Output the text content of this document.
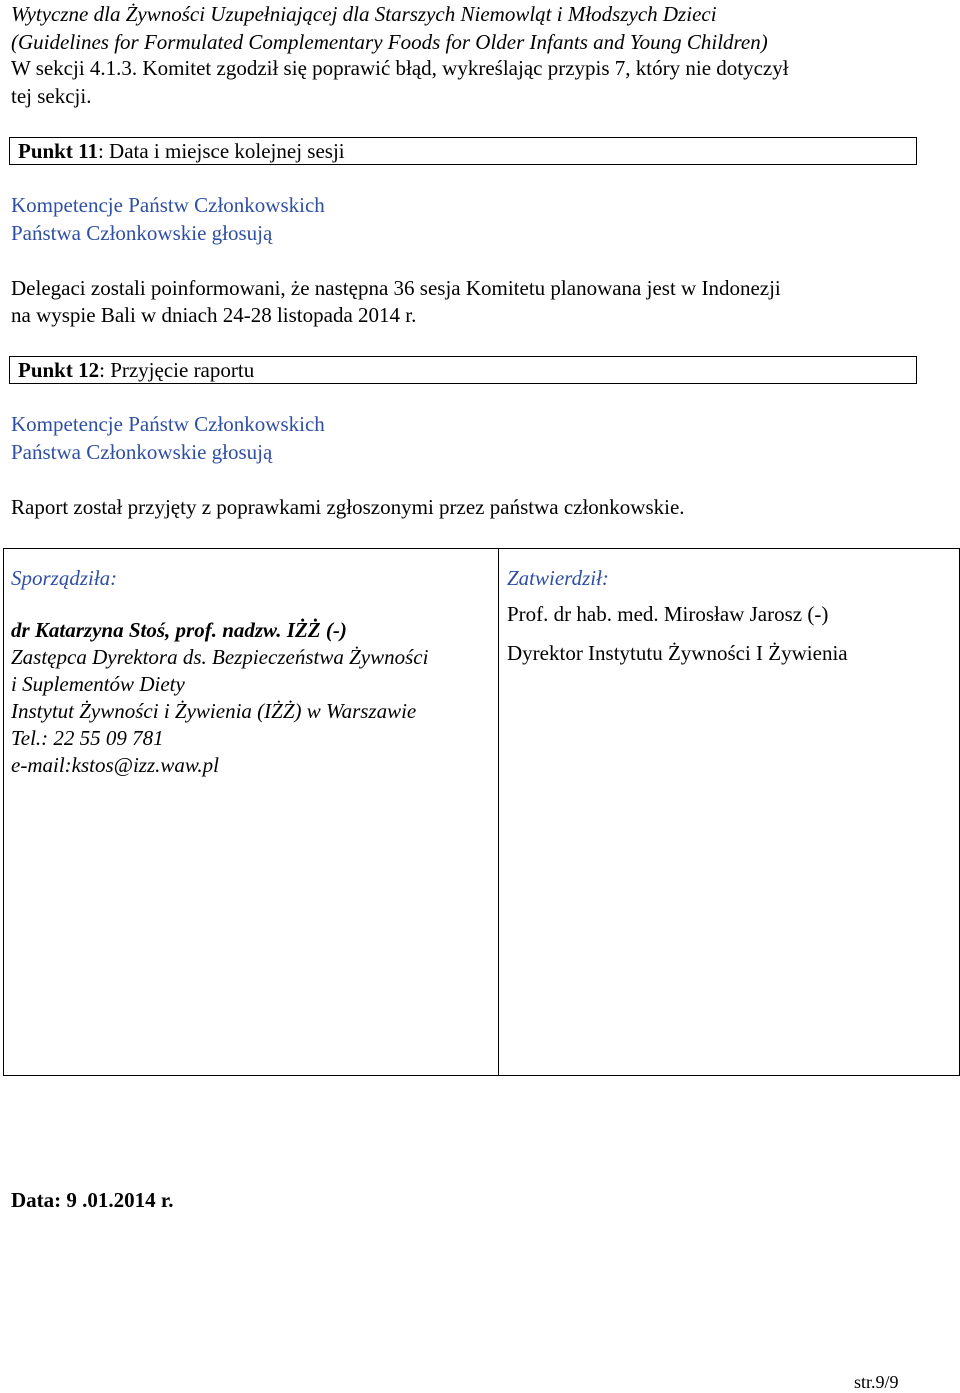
Wytyczne dla Żywności Uzupełniającej dla Starszych Niemowląt i Młodszych Dzieci
(Guidelines for Formulated Complementary Foods for Older Infants and Young Children)
W sekcji 4.1.3. Komitet zgodził się poprawić błąd, wykreślając przypis 7, który nie dotyczył
tej sekcji.
Punkt 11: Data i miejsce kolejnej sesji
Kompetencje Państw Członkowskich
Państwa Członkowskie głosują
Delegaci zostali poinformowani, że następna 36 sesja Komitetu planowana jest w Indonezji
na wyspie Bali w dniach 24-28 listopada 2014 r.
Punkt 12: Przyjęcie raportu
Kompetencje Państw Członkowskich
Państwa Członkowskie głosują
Raport został przyjęty z poprawkami zgłoszonymi przez państwa członkowskie.
Sporządziła:
dr Katarzyna Stoś, prof. nadzw. IŻŻ (-)
Zastępca Dyrektora ds. Bezpieczeństwa Żywności
i Suplementów Diety
Instytut Żywności i Żywienia (IŻŻ) w Warszawie
Tel.: 22 55 09 781
e-mail:kstos@izz.waw.pl
Zatwierdził:
Prof. dr hab. med. Mirosław Jarosz (-)
Dyrektor Instytutu Żywności I Żywienia
Data: 9 .01.2014 r.
str.9/9
